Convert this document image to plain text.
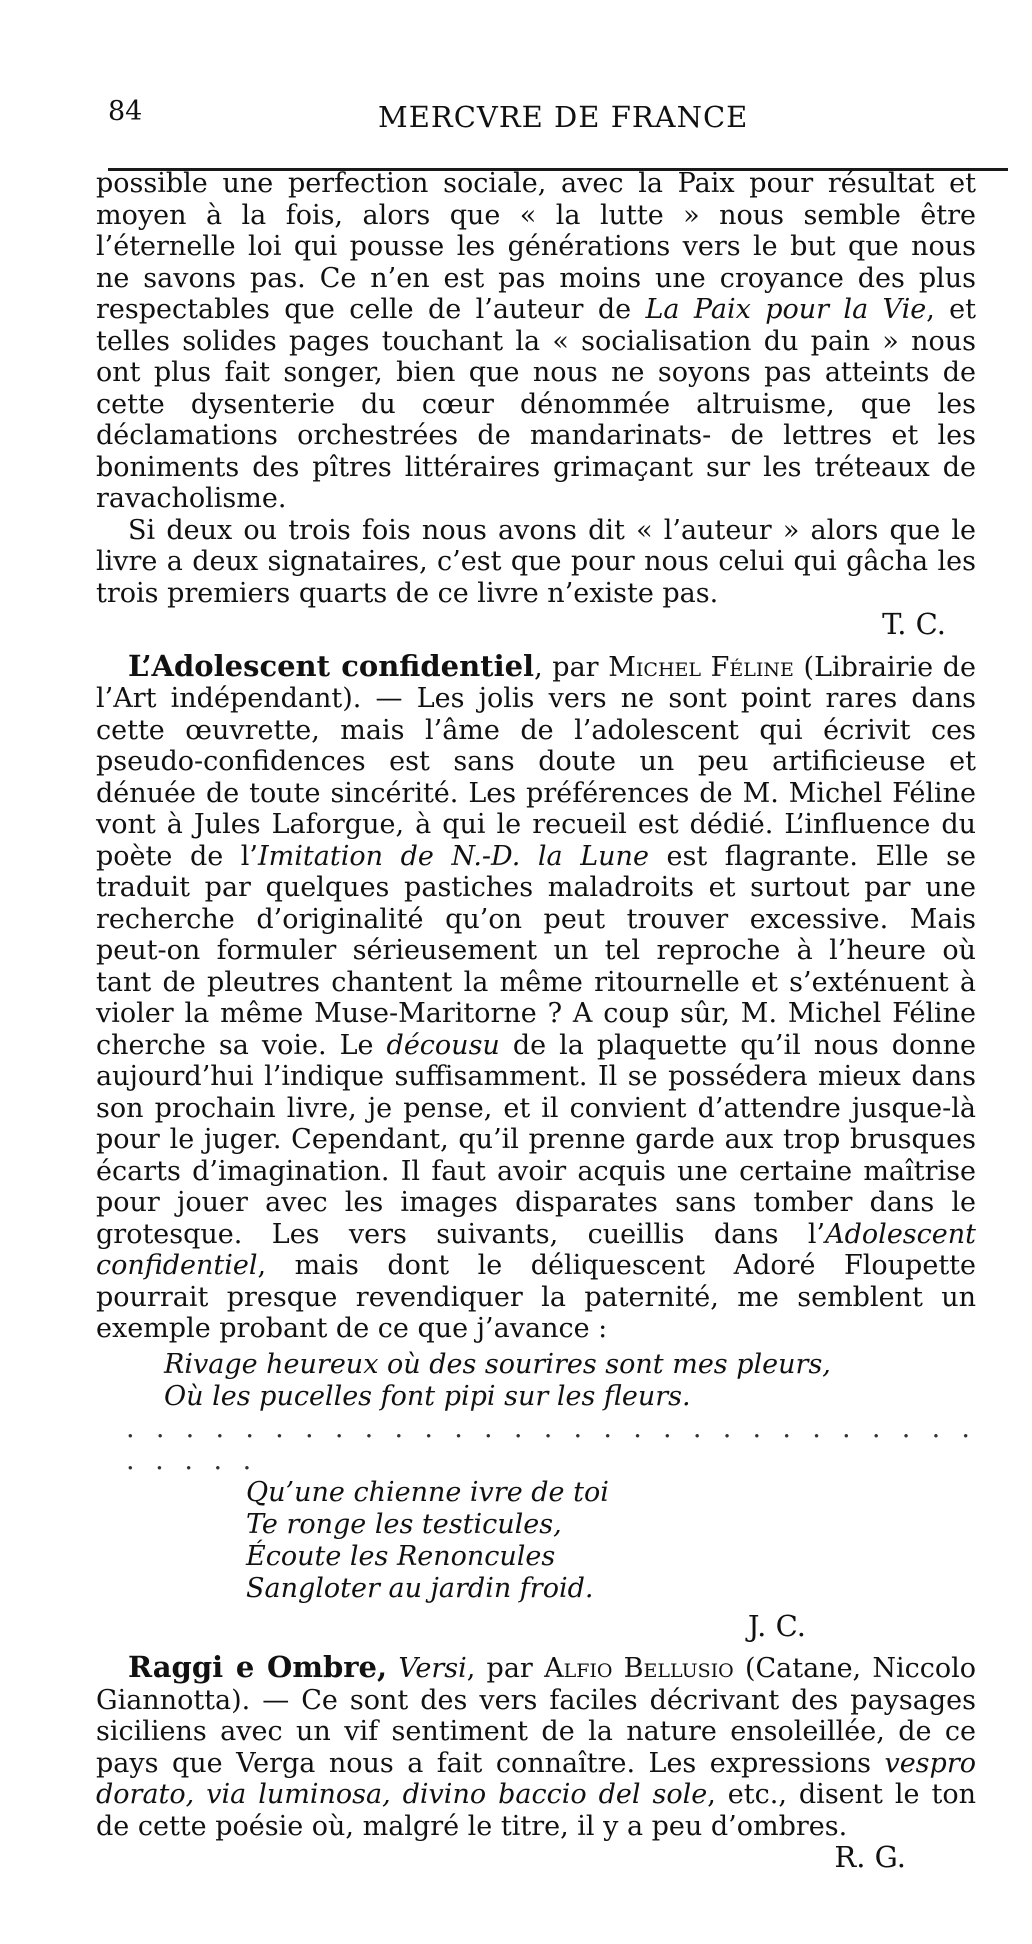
84	MERCVRE DE FRANCE

possible une perfection sociale, avec la Paix pour résultat et moyen à la fois, alors que « la lutte » nous semble être l’éternelle loi qui pousse les générations vers le but que nous ne savons pas. Ce n’en est pas moins une croyance des plus respectables que celle de l’auteur de La Paix pour la Vie, et telles solides pages touchant la « socialisation du pain » nous ont plus fait songer, bien que nous ne soyons pas atteints de cette dysenterie du cœur dénommée altruisme, que les déclamations orchestrées de mandarinats- de lettres et les boniments des pîtres littéraires grimaçant sur les tréteaux de ravacholisme.

Si deux ou trois fois nous avons dit « l’auteur » alors que le livre a deux signataires, c’est que pour nous celui qui gâcha les trois premiers quarts de ce livre n’existe pas.

T. C.

L’Adolescent confidentiel, par Michel Féline (Librairie de l’Art indépendant). — Les jolis vers ne sont point rares dans cette œuvrette, mais l’âme de l’adolescent qui écrivit ces pseudo-confidences est sans doute un peu artificieuse et dénuée de toute sincérité. Les préférences de M. Michel Féline vont à Jules Laforgue, à qui le recueil est dédié. L’influence du poète de l’Imitation de N.-D. la Lune est flagrante. Elle se traduit par quelques pastiches maladroits et surtout par une recherche d’originalité qu’on peut trouver excessive. Mais peut-on formuler sérieusement un tel reproche à l’heure où tant de pleutres chantent la même ritournelle et s’exténuent à violer la même Muse-Maritorne ? A coup sûr, M. Michel Féline cherche sa voie. Le décousu de la plaquette qu’il nous donne aujourd’hui l’indique suffisamment. Il se possédera mieux dans son prochain livre, je pense, et il convient d’attendre jusque-là pour le juger. Cependant, qu’il prenne garde aux trop brusques écarts d’imagination. Il faut avoir acquis une certaine maîtrise pour jouer avec les images disparates sans tomber dans le grotesque. Les vers suivants, cueillis dans l’Adolescent confidentiel, mais dont le déliquescent Adoré Floupette pourrait presque revendiquer la paternité, me semblent un exemple probant de ce que j’avance :

Rivage heureux où des sourires sont mes pleurs,
Où les pucelles font pipi sur les fleurs.
. . . . . . . . . . . . . . . . . . . . . . . . . . . . . . . . . .
Qu’une chienne ivre de toi
Te ronge les testicules,
Écoute les Renoncules
Sangloter au jardin froid.

J. C.

Raggi e Ombre, Versi, par Alfio Bellusio (Catane, Niccolo Giannotta). — Ce sont des vers faciles décrivant des paysages siciliens avec un vif sentiment de la nature ensoleillée, de ce pays que Verga nous a fait connaître. Les expressions vespro dorato, via luminosa, divino baccio del sole, etc., disent le ton de cette poésie où, malgré le titre, il y a peu d’ombres.

R. G.
